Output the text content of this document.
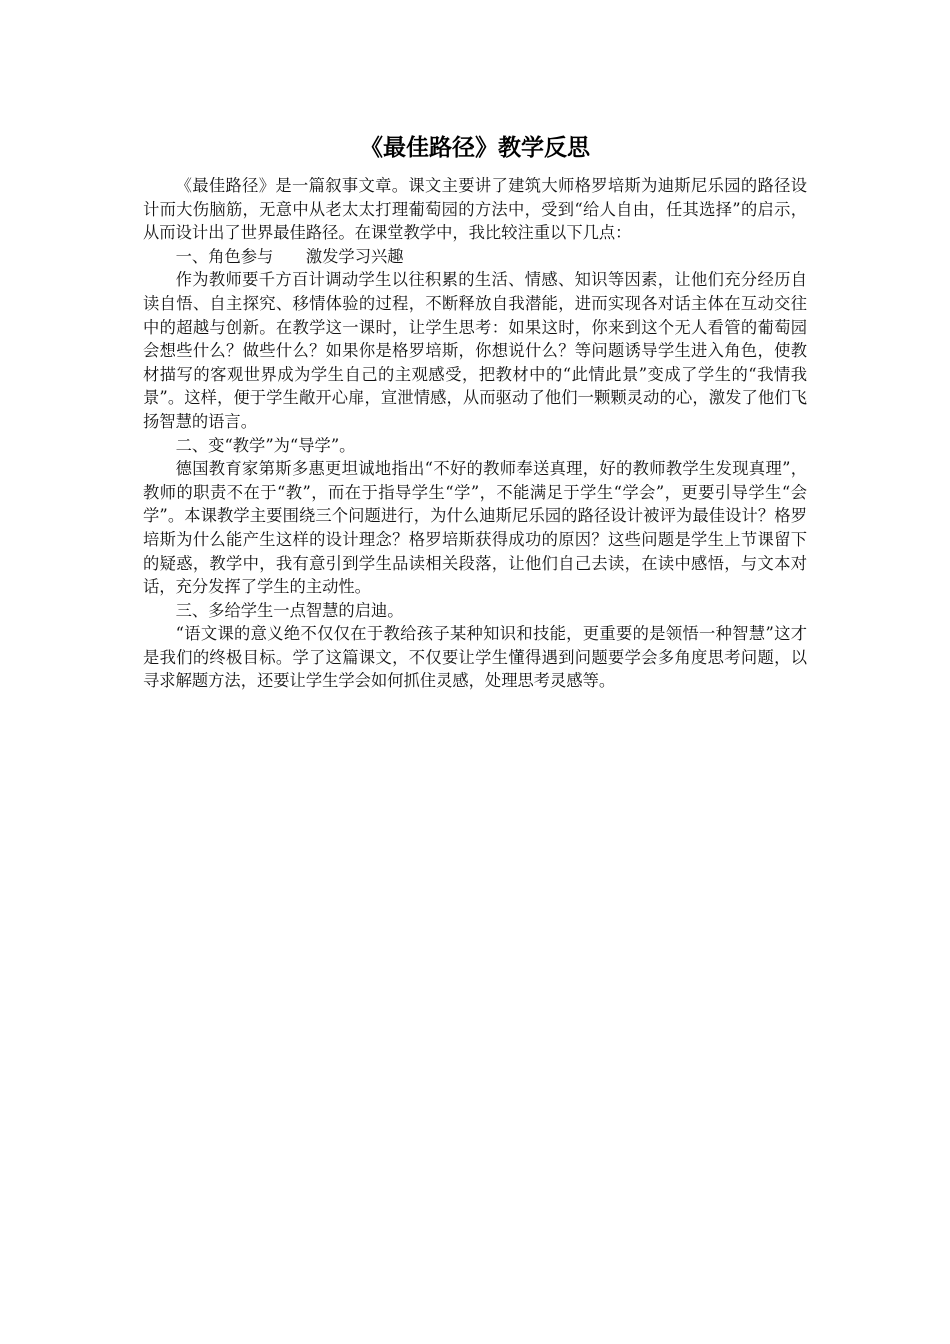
《最佳路径》教学反思

《最佳路径》是一篇叙事文章。课文主要讲了建筑大师格罗培斯为迪斯尼乐园的路径设计而大伤脑筋，无意中从老太太打理葡萄园的方法中，受到“给人自由，任其选择”的启示，从而设计出了世界最佳路径。在课堂教学中，我比较注重以下几点：

一、角色参与　　激发学习兴趣

作为教师要千方百计调动学生以往积累的生活、情感、知识等因素，让他们充分经历自读自悟、自主探究、移情体验的过程，不断释放自我潜能，进而实现各对话主体在互动交往中的超越与创新。在教学这一课时，让学生思考：如果这时，你来到这个无人看管的葡萄园会想些什么？做些什么？如果你是格罗培斯，你想说什么？等问题诱导学生进入角色，使教材描写的客观世界成为学生自己的主观感受，把教材中的“此情此景”变成了学生的“我情我景”。这样，便于学生敞开心扉，宣泄情感，从而驱动了他们一颗颗灵动的心，激发了他们飞扬智慧的语言。

二、变“教学”为“导学”。

德国教育家第斯多惠更坦诚地指出“不好的教师奉送真理，好的教师教学生发现真理”，教师的职责不在于“教”，而在于指导学生“学”，不能满足于学生“学会”，更要引导学生“会学”。本课教学主要围绕三个问题进行，为什么迪斯尼乐园的路径设计被评为最佳设计？格罗培斯为什么能产生这样的设计理念？格罗培斯获得成功的原因？这些问题是学生上节课留下的疑惑，教学中，我有意引到学生品读相关段落，让他们自己去读，在读中感悟，与文本对话，充分发挥了学生的主动性。

三、多给学生一点智慧的启迪。

“语文课的意义绝不仅仅在于教给孩子某种知识和技能，更重要的是领悟一种智慧”这才是我们的终极目标。学了这篇课文，不仅要让学生懂得遇到问题要学会多角度思考问题，以寻求解题方法，还要让学生学会如何抓住灵感，处理思考灵感等。
